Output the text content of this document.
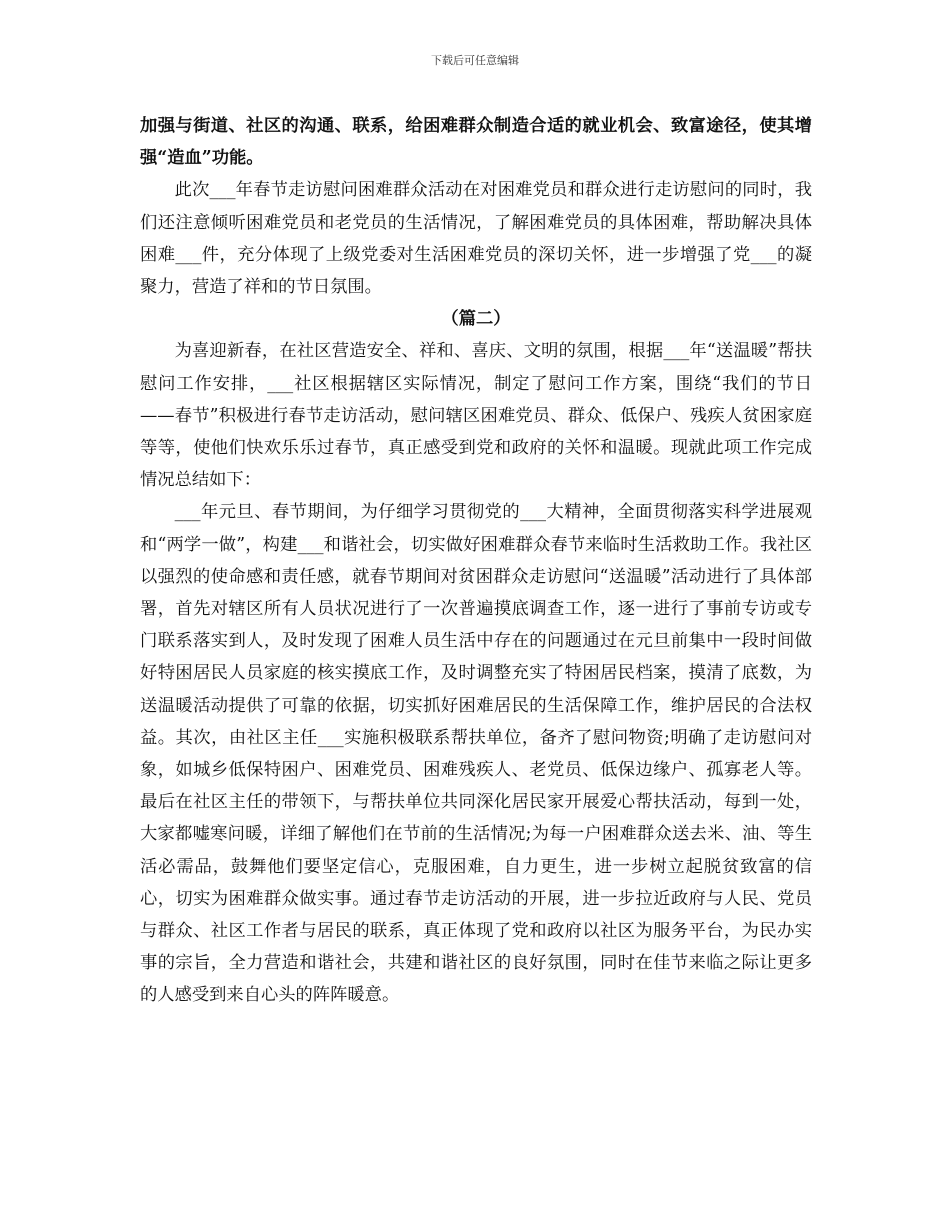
下载后可任意编辑

加强与街道、社区的沟通、联系，给困难群众制造合适的就业机会、致富途径，使其增强“造血”功能。

此次___年春节走访慰问困难群众活动在对困难党员和群众进行走访慰问的同时，我们还注意倾听困难党员和老党员的生活情况，了解困难党员的具体困难，帮助解决具体困难___件，充分体现了上级党委对生活困难党员的深切关怀，进一步增强了党___的凝聚力，营造了祥和的节日氛围。

（篇二）

为喜迎新春，在社区营造安全、祥和、喜庆、文明的氛围，根据___年“送温暖”帮扶慰问工作安排，___社区根据辖区实际情况，制定了慰问工作方案，围绕“我们的节日——春节”积极进行春节走访活动，慰问辖区困难党员、群众、低保户、残疾人贫困家庭等等，使他们快欢乐乐过春节，真正感受到党和政府的关怀和温暖。现就此项工作完成情况总结如下：

___年元旦、春节期间，为仔细学习贯彻党的___大精神，全面贯彻落实科学进展观和“两学一做”，构建___和谐社会，切实做好困难群众春节来临时生活救助工作。我社区以强烈的使命感和责任感，就春节期间对贫困群众走访慰问“送温暖”活动进行了具体部署，首先对辖区所有人员状况进行了一次普遍摸底调查工作，逐一进行了事前专访或专门联系落实到人，及时发现了困难人员生活中存在的问题通过在元旦前集中一段时间做好特困居民人员家庭的核实摸底工作，及时调整充实了特困居民档案，摸清了底数，为送温暖活动提供了可靠的依据，切实抓好困难居民的生活保障工作，维护居民的合法权益。其次，由社区主任___实施积极联系帮扶单位，备齐了慰问物资;明确了走访慰问对象，如城乡低保特困户、困难党员、困难残疾人、老党员、低保边缘户、孤寡老人等。最后在社区主任的带领下，与帮扶单位共同深化居民家开展爱心帮扶活动，每到一处，大家都嘘寒问暖，详细了解他们在节前的生活情况;为每一户困难群众送去米、油、等生活必需品，鼓舞他们要坚定信心，克服困难，自力更生，进一步树立起脱贫致富的信心，切实为困难群众做实事。通过春节走访活动的开展，进一步拉近政府与人民、党员与群众、社区工作者与居民的联系，真正体现了党和政府以社区为服务平台，为民办实事的宗旨，全力营造和谐社会，共建和谐社区的良好氛围，同时在佳节来临之际让更多的人感受到来自心头的阵阵暖意。
